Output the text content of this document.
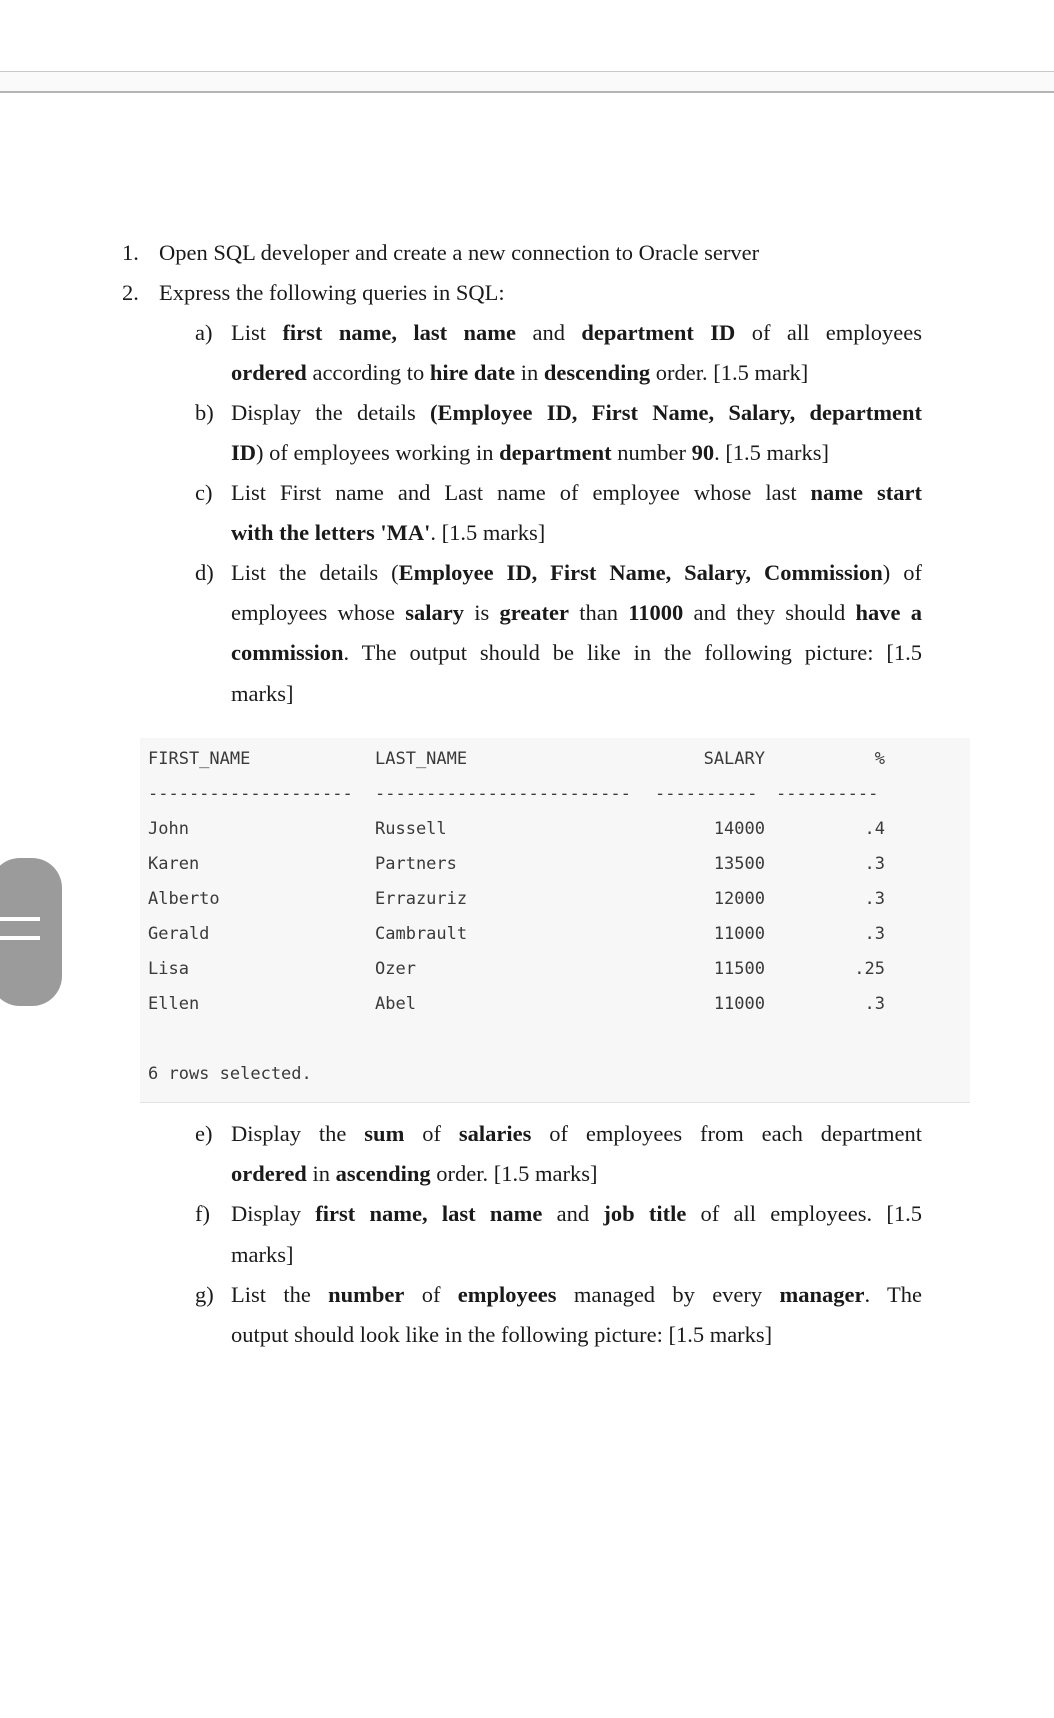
1. Open SQL developer and create a new connection to Oracle server
2. Express the following queries in SQL:
a) List first name, last name and department ID of all employees
ordered according to hire date in descending order. [1.5 mark]
b) Display the details (Employee ID, First Name, Salary, department
ID) of employees working in department number 90. [1.5 marks]
c) List First name and Last name of employee whose last name start
with the letters 'MA'. [1.5 marks]
d) List the details (Employee ID, First Name, Salary, Commission) of
employees whose salary is greater than 11000 and they should have a
commission. The output should be like in the following picture: [1.5
marks]
FIRST_NAME	LAST_NAME	SALARY	%
-------------------- ------------------------- ---------- ----------
John	Russell	14000	.4
Karen	Partners	13500	.3
Alberto	Errazuriz	12000	.3
Gerald	Cambrault	11000	.3
Lisa	Ozer	11500	.25
Ellen	Abel	11000	.3
6 rows selected.
e) Display the sum of salaries of employees from each department
ordered in ascending order. [1.5 marks]
f) Display first name, last name and job title of all employees. [1.5
marks]
g) List the number of employees managed by every manager. The
output should look like in the following picture: [1.5 marks]
